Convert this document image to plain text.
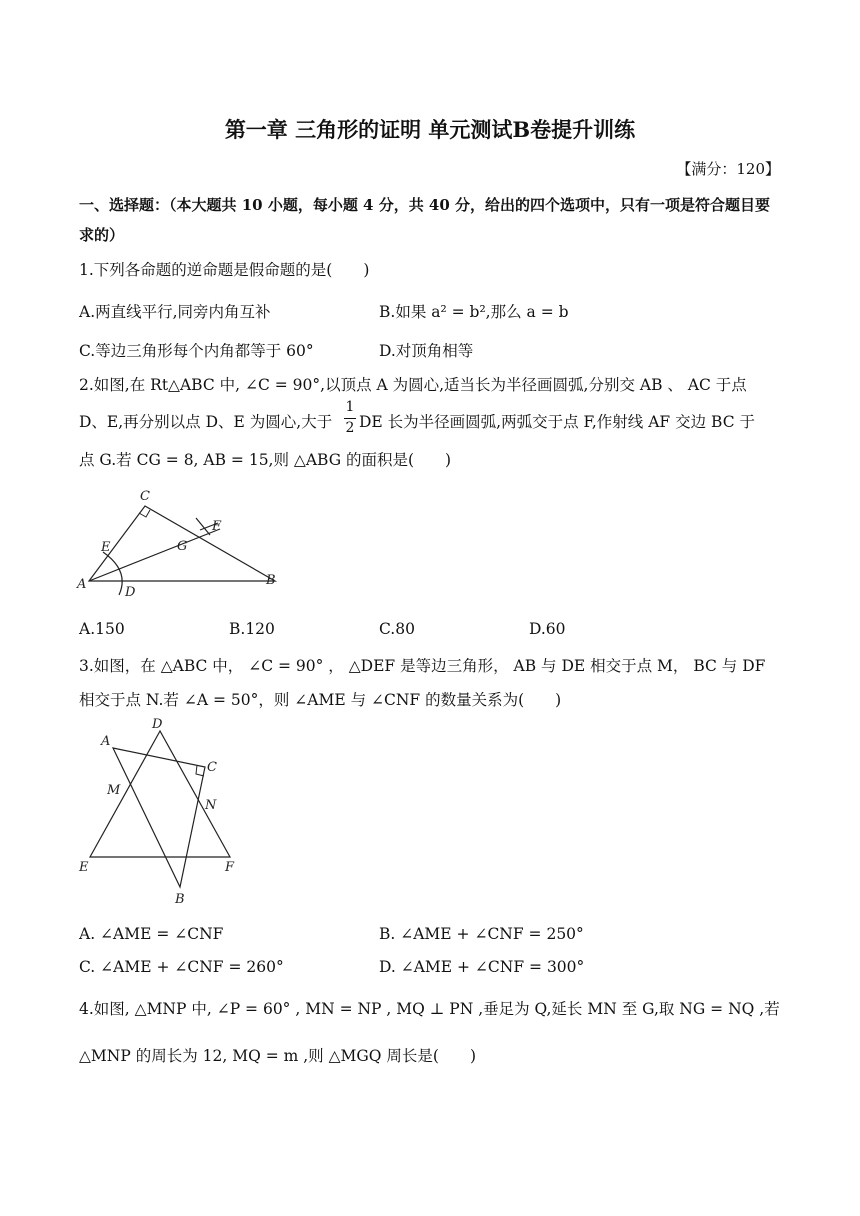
第一章 三角形的证明 单元测试B卷提升训练
【满分：120】
一、选择题：（本大题共 10 小题，每小题 4 分，共 40 分，给出的四个选项中，只有一项是符合题目要求的）
1.下列各命题的逆命题是假命题的是(　　)
A.两直线平行,同旁内角互补	B.如果 a² = b²,那么 a = b
C.等边三角形每个内角都等于 60°	D.对顶角相等
2.如图,在 Rt△ABC 中, ∠C = 90°,以顶点 A 为圆心,适当长为半径画圆弧,分别交 AB 、 AC 于点
D、E,再分别以点 D、E 为圆心,大于
1
2 DE 长为半径画圆弧,两弧交于点 F,作射线 AF 交边 BC 于
点 G.若 CG = 8, AB = 15,则 △ABG 的面积是(　　)
C
E	G
F
A
D
B
A.150	B.120	C.80	D.60
3.如图，在 △ABC 中， ∠C = 90° ， △DEF 是等边三角形， AB 与 DE 相交于点 M， BC 与 DF
相交于点 N.若 ∠A = 50°，则 ∠AME 与 ∠CNF 的数量关系为(　　)
D
A
C
M
N
E	F
B
A. ∠AME = ∠CNF	B. ∠AME + ∠CNF = 250°
C. ∠AME + ∠CNF = 260°	D. ∠AME + ∠CNF = 300°
4.如图, △MNP 中, ∠P = 60° , MN = NP , MQ ⊥ PN ,垂足为 Q,延长 MN 至 G,取 NG = NQ ,若
△MNP 的周长为 12, MQ = m ,则 △MGQ 周长是(　　)
